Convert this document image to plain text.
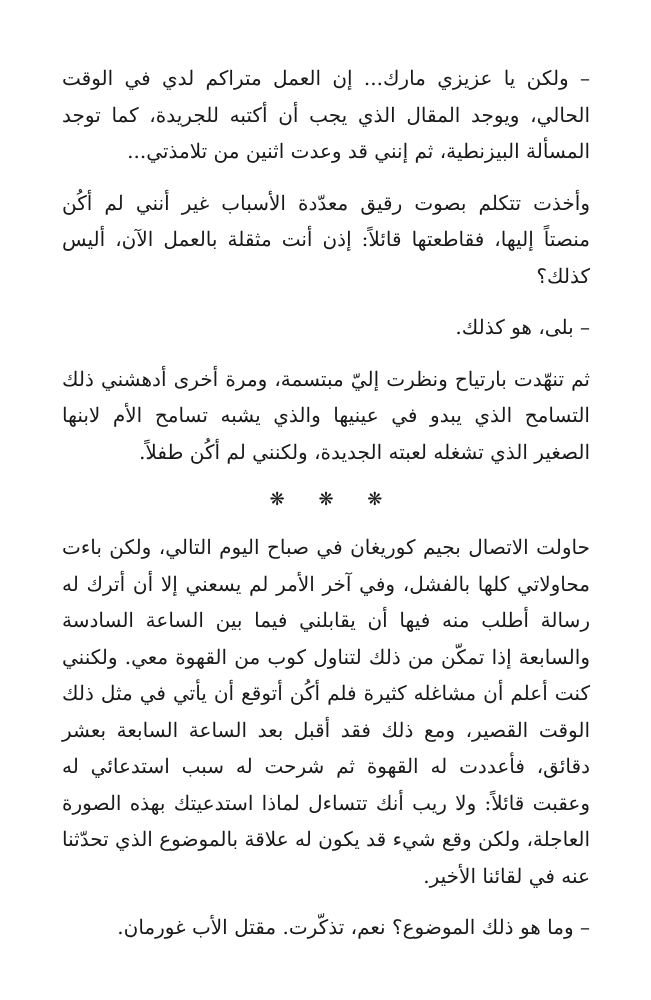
– ولكن يا عزيزي مارك... إن العمل متراكم لدي في الوقت الحالي، ويوجد المقال الذي يجب أن أكتبه للجريدة، كما توجد المسألة البيزنطية، ثم إنني قد وعدت اثنين من تلامذتي...

وأخذت تتكلم بصوت رقيق معدّدة الأسباب غير أنني لم أكُن منصتاً إليها، فقاطعتها قائلاً: إذن أنت مثقلة بالعمل الآن، أليس كذلك؟

– بلى، هو كذلك.

ثم تنهّدت بارتياح ونظرت إليّ مبتسمة، ومرة أخرى أدهشني ذلك التسامح الذي يبدو في عينيها والذي يشبه تسامح الأم لابنها الصغير الذي تشغله لعبته الجديدة، ولكنني لم أكُن طفلاً.

❋ ❋ ❋

حاولت الاتصال بجيم كوريغان في صباح اليوم التالي، ولكن باءت محاولاتي كلها بالفشل، وفي آخر الأمر لم يسعني إلا أن أترك له رسالة أطلب منه فيها أن يقابلني فيما بين الساعة السادسة والسابعة إذا تمكّن من ذلك لتناول كوب من القهوة معي. ولكنني كنت أعلم أن مشاغله كثيرة فلم أكُن أتوقع أن يأتي في مثل ذلك الوقت القصير، ومع ذلك فقد أقبل بعد الساعة السابعة بعشر دقائق، فأعددت له القهوة ثم شرحت له سبب استدعائي له وعقبت قائلاً: ولا ريب أنك تتساءل لماذا استدعيتك بهذه الصورة العاجلة، ولكن وقع شيء قد يكون له علاقة بالموضوع الذي تحدّثنا عنه في لقائنا الأخير.

– وما هو ذلك الموضوع؟ نعم، تذكّرت. مقتل الأب غورمان.
